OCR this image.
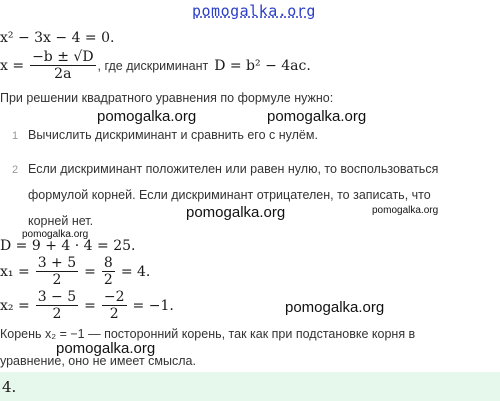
pomogalka.org
x² − 3x − 4 = 0.
$x = \frac{-b \pm √D}{2a}$ , где дискриминант D = b² − 4ac.
При решении квадратного уравнения по формуле нужно:
pomogalka.org	pomogalka.org
1 Вычислить дискриминант и сравнить его с нулём.
2 Если дискриминант положителен или равен нулю, то воспользоваться
формулой корней. Если дискриминант отрицателен, то записать, что
корней нет.	pomogalka.org	pomogalka.org
pomogalka.org
D = 9 + 4 · 4 = 25.
$x_1 = \frac{3 + 5}{2} = \frac{8}{2} = 4$.
$x_2 = \frac{3 - 5}{2} = \frac{-2}{2} = -1$.	pomogalka.org
Корень x₂ = −1 — посторонний корень, так как при подстановке корня в
pomogalka.org
уравнение, оно не имеет смысла.
4.
